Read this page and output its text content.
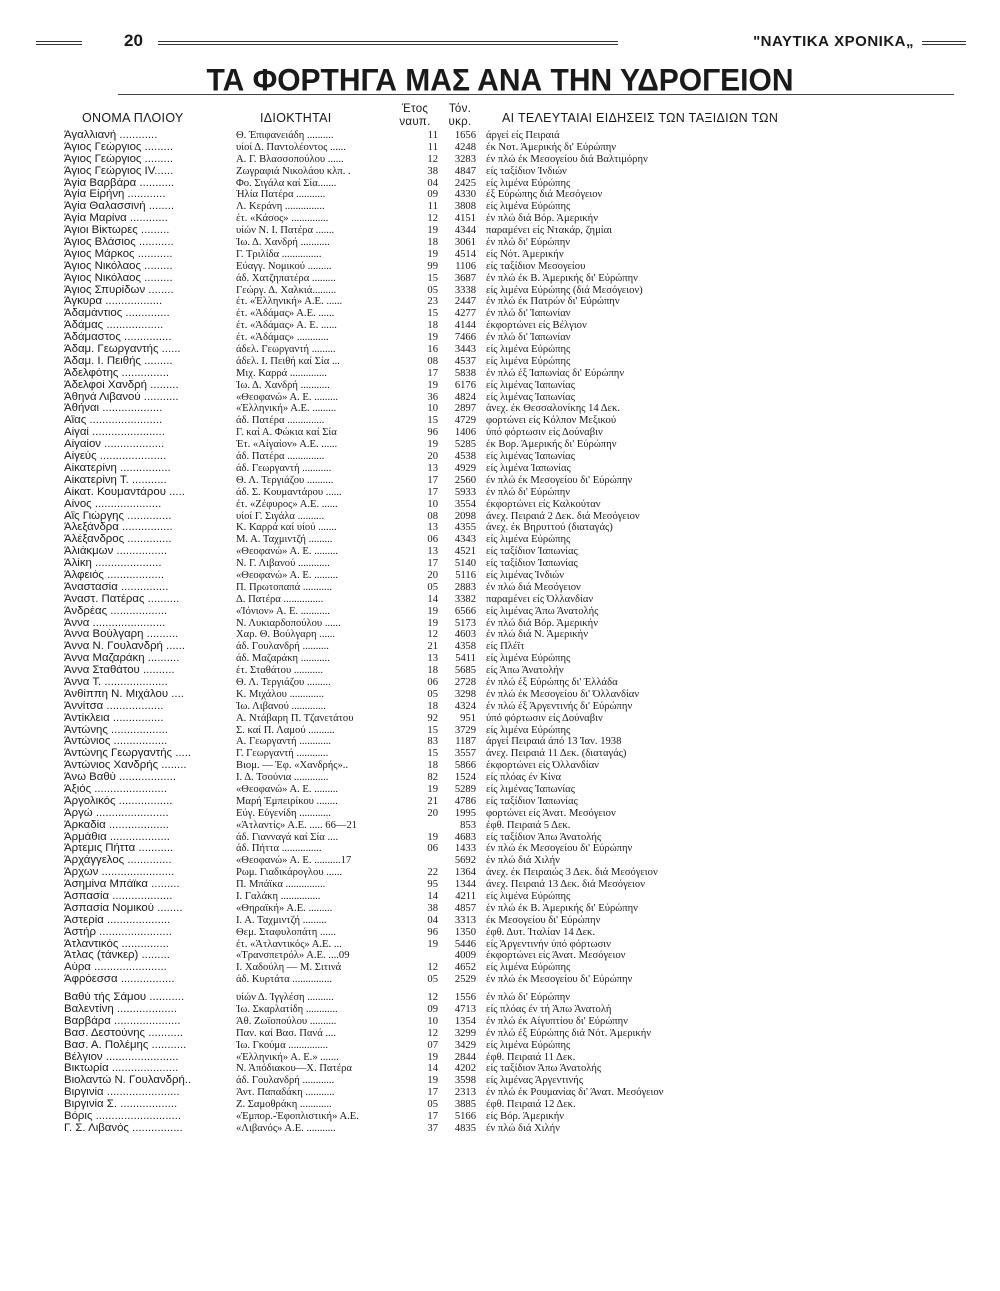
20	"ΝΑΥΤΙΚΑ ΧΡΟΝΙΚΑ„
ΤΑ ΦΟΡΤΗΓΑ ΜΑΣ ΑΝΑ ΤΗΝ ΥΔΡΟΓΕΙΟΝ
ΟΝΟΜΑ ΠΛΟΙΟΥ	ΙΔΙΟΚΤΗΤΑΙ
Έτος
ναυπ.
Τόν.
υκρ.	ΑΙ ΤΕΛΕΥΤΑΙΑΙ ΕΙΔΗΣΕΙΣ ΤΩΝ ΤΑΞΙΔΙΩΝ ΤΩΝ
Άγαλλιανή ............	Θ. Έπιφανειάδη ..........	11	1656 άργεί είς Πειραιά
Άγιος Γεώργιος .........	υίοί Δ. Παντολέοντος ......	11	4248 έκ Νοτ. Άμερικής δι' Εύρώπην
Άγιος Γεώργιος .........	Α. Γ. Βλασσοπούλου ......	12	3283 έν πλώ έκ Μεσογείου διά Βαλτιμόρην
Άγιος Γεώργιος IV......	Ζωγραφιά Νικολάου κλπ. .	38	4847 είς ταξίδιον Ίνδιών
Άγία Βαρβάρα ...........	Φο. Σιγάλα καί Σία.......	04	2425 είς λιμένα Εύρώπης
Άγία Είρήνη ............	Ήλία Πατέρα ...........	09	4330 έξ Εύρώπης διά Μεσόγειον
Άγία Θαλασσινή ........	Λ. Κεράνη ...............	11	3808 είς λιμένα Εύρώπης
Άγία Μαρίνα ............	έτ. «Κάσος» ..............	12	4151 έν πλώ διά Βόρ. Άμερικήν
Άγιοι Βίκτωρες .........	υίών Ν. Ι. Πατέρα .......	19	4344 παραμένει είς Ντακάρ, ζημίαι
Άγιος Βλάσιος ...........	Ίω. Δ. Χανδρή ...........	18	3061 έν πλώ δι' Εύρώπην
Άγιος Μάρκος ...........	Γ. Τριλίδα ...............	19	4514 είς Νότ. Άμερικήν
Άγιος Νικόλαος .........	Εύαγγ. Νομικού .........	99	1106 είς ταξίδιον Μεσογείου
Άγιος Νικόλαος .........	άδ. Χατζηπατέρα .........	15	3687 έν πλώ έκ Β. Άμερικής δι' Εύρώπην
Άγιος Σπυρίδων ........	Γεώργ. Δ. Χαλκιά.........	05	3338 είς λιμένα Εύρώπης (διά Μεσόγειον)
Άγκυρα ..................	έτ. «Έλληνική» Α.Ε. ......	23	2447 έν πλώ έκ Πατρών δι' Εύρώπην
Άδαμάντιος ..............	έτ. «Άδάμας» Α.Ε. ......	15	4277 έν πλώ δι' Ίαπωνίαν
Άδάμας ..................	έτ. «Άδάμας» Α. Ε. ......	18	4144 έκφορτώνει είς Βέλγιον
Άδάμαστος ...............	έτ. «Άδάμας» ............	19	7466 έν πλώ δι' Ίαπωνίαν
Άδαμ. Γεωργαντής ......	άδελ. Γεωργαντή .........	16	3443 είς λιμένα Εύρώπης
Άδαμ. Ι. Πειθής .........	άδελ. Ι. Πειθή καί Σία ...	08	4537 είς λιμένα Εύρώπης
Άδελφότης ...............	Μιχ. Καρρά ..............	17	5838 έν πλώ έξ Ίαπωνίας δι' Εύρώπην
Άδελφοί Χανδρή .........	Ίω. Δ. Χανδρή ...........	19	6176 είς λιμένας Ίαπωνίας
Άθηνά Λιβανού ...........	«Θεοφανώ» Α. Ε. .........	36	4824 είς λιμένας Ίαπωνίας
Άθήναι ...................	«Έλληνική» Α.Ε. .........	10	2897 άνεχ. έκ Θεσσαλονίκης 14 Δεκ.
Αΐας .......................	άδ. Πατέρα ..............	15	4729 φορτώνει είς Κόλπον Μεξικού
Αίγαί .......................	Γ. καί Α. Φώκια καί Σία	96	1406 ύπό φόρτωσιν είς Δούναβιν
Αίγαίον ...................	Έτ. «Αίγαίον» Α.Ε. ......	19	5285 έκ Βορ. Άμερικής δι' Εύρώπην
Αίγεύς .....................	άδ. Πατέρα ..............	20	4538 είς λιμένας Ίαπωνίας
Αίκατερίνη ................	άδ. Γεωργαντή ...........	13	4929 είς λιμένα Ίαπωνίας
Αίκατερίνη Τ. ...........	Θ. Λ. Τεργιάζου ..........	17	2560 έν πλώ έκ Μεσογείου δι' Εύρώπην
Αίκατ. Κουμαντάρου .....	άδ. Σ. Κουμαντάρου ......	17	5933 έν πλώ δι' Εύρώπην
Αίνος .....................	έτ. «Ζέφυρος» Α.Ε. ......	10	3554 έκφορτώνει είς Καλκούταν
Αΐς Γιώργης ..............	υίοί Γ. Σιγάλα ..........	08	2098 άνεχ. Πειραιά 2 Δεκ. διά Μεσόγειον
Άλεξάνδρα ................	Κ. Καρρά καί υίού .......	13	4355 άνεχ. έκ Βηρυττού (διαταγάς)
Άλέξανδρος ..............	Μ. Α. Ταχμιντζή .........	06	4343 είς λιμένα Εύρώπης
Άλιάκμων ................	«Θεοφανώ» Α. Ε. .........	13	4521 είς ταξίδιον Ίαπωνίας
Άλίκη .....................	Ν. Γ. Λιβανού ............	17	5140 είς ταξίδιον Ίαπωνίας
Άλφειός ..................	«Θεοφανώ» Α. Ε. .........	20	5116 είς λιμένας Ίνδιών
Άναστασία ...............	Π. Πρωτοπαπά ...........	05	2883 έν πλώ διά Μεσόγειον
Άναστ. Πατέρας ..........	Δ. Πατέρα ...............	14	3382 παραμένει είς Όλλανδίαν
Άνδρέας ..................	«Ίόνιον» Α. Ε. ...........	19	6566 είς λιμένας Άπω Άνατολής
Άννα .......................	Ν. Λυκιαρδοπούλου ......	19	5173 έν πλώ διά Βόρ. Άμερικήν
Άννα Βούλγαρη ..........	Χαρ. Θ. Βούλγαρη ......	12	4603 έν πλώ διά Ν. Άμερικήν
Άννα Ν. Γουλανδρή ......	άδ. Γουλανδρή ..........	21	4358 είς Πλέϊτ
Άννα Μαζαράκη ..........	άδ. Μαζαράκη ...........	13	5411 είς λιμένα Εύρώπης
Άννα Σταθάτου ..........	έτ. Σταθάτου ...........	18	5685 είς Άπω Άνατολήν
Άννα Τ. ....................	Θ. Λ. Τεργιάζου .........	06	2728 έν πλώ έξ Εύρώπης δι' Έλλάδα
Άνθίππη Ν. Μιχάλου ....	Κ. Μιχάλου .............	05	3298 έν πλώ έκ Μεσογείου δι' Όλλανδίαν
Άννίτσα ..................	Ίω. Λιβανού .............	18	4324 έν πλώ έξ Άργεντινής δι' Εύρώπην
Άντίκλεια ................	Α. Ντάβαρη Π. Τζανετάτου	92	951 ύπό φόρτωσιν είς Δούναβιν
Άντώνης ..................	Σ. καί Π. Λαμού ..........	15	3729 είς λιμένα Εύρώπης
Άντώνιος .................	Α. Γεωργαντή ............	83	1187 άργεί Πειραιά άπό 13 Ίαν. 1938
Άντώνης Γεωργαντής .....	Γ. Γεωργαντή ............	15	3557 άνεχ. Πειραιά 11 Δεκ. (διαταγάς)
Άντώνιος Χανδρής ........	Βιομ. — Έφ. «Χανδρής»..	18	5866 έκφορτώνει είς Όλλανδίαν
Άνω Βαθύ ..................	Ι. Δ. Τσούνια .............	82	1524 είς πλόας έν Κίνα
Άξιός .......................	«Θεοφανώ» Α. Ε. .........	19	5289 είς λιμένας Ίαπωνίας
Άργολικός .................	Μαρή Έμπειρίκου ........	21	4786 είς ταξίδιον Ίαπωνίας
Άργώ .......................	Εύγ. Εύγενίδη ............	20	1995 φορτώνει είς Άνατ. Μεσόγειον
Άρκαδία ...................	«Άτλαντίς» Α.Ε. ..... 66—21	853 έφθ. Πειραιά 5 Δεκ.
Άρμάθια ...................	άδ. Γιανναγά καί Σία ....	19	4683 είς ταξίδιον Άπω Άνατολής
Άρτεμις Πήττα ...........	άδ. Πήττα ...............	06	1433 έν πλώ έκ Μεσογείου δι' Εύρώπην
Άρχάγγελος ..............	«Θεοφανώ» Α. Ε. ..........17	5692 έν πλώ διά Χιλήν
Άρχων .......................	Ρωμ. Γιαδικάρογλου ......	22	1364 άνεχ. έκ Πειραιώς 3 Δεκ. διά Μεσόγειον
Άσημίνα Μπάϊκα .........	Π. Μπάϊκα ...............	95	1344 άνεχ. Πειραιά 13 Δεκ. διά Μεσόγειον
Άσπασία ...................	Ι. Γαλάκη ...............	14	4211 είς λιμένα Εύρώπης
Άσπασία Νομικού ........	«Θηραϊκή» Α.Ε. .........	38	4857 έν πλώ έκ Β. Άμερικής δι' Εύρώπην
Άστερία ....................	Ι. Α. Ταχμιντζή .........	04	3313 έκ Μεσογείου δι' Εύρώπην
Άστήρ .......................	Θεμ. Σταφυλοπάτη ......	96	1350 έφθ. Δυτ. Ίταλίαν 14 Δεκ.
Άτλαντικός ...............	έτ. «Άτλαντικός» Α.Ε. ...	19	5446 είς Άργεντινήν ύπό φόρτωσιν
Άτλας (τάνκερ) .........	«Τρανσπετρόλ» Α.Ε. ....09	4009 έκφορτώνει είς Άνατ. Μεσόγειον
Αύρα .......................	Ι. Χαδούλη — Μ. Σιτινά	12	4652 είς λιμένα Εύρώπης
Άφρόεσσα .................	άδ. Κυρτάτα ...............	05	2529 έν πλώ έκ Μεσογείου δι' Εύρώπην
Βαθύ τής Σάμου ...........	υίών Δ. Ίγγλέση ..........	12	1556 έν πλώ δι' Εύρώπην
Βαλεντίνη ...................	Ίω. Σκαρλατίδη ............	09	4713 είς πλόας έν τή Άπω Άνατολή
Βαρβάρα .....................	Άθ. Ζωϊοπούλου ..........	10	1354 έν πλώ έκ Αίγυπτίου δι' Εύρώπην
Βασ. Δεστούνης ...........	Παν. καί Βασ. Πανά ....	12	3299 έν πλώ έξ Εύρώπης διά Νότ. Άμερικήν
Βασ. Α. Πολέμης ...........	Ίω. Γκούμα ...............	07	3429 είς λιμένα Εύρώπης
Βέλγιον .......................	«Έλληνική» Α. Ε.» .......	19	2844 έφθ. Πειραιά 11 Δεκ.
Βικτωρία .....................	Ν. Άπόδιακου—Χ. Πατέρα	14	4202 είς ταξίδιον Άπω Άνατολής
Βιολαντώ Ν. Γουλανδρή..	άδ. Γουλανδρή ............	19	3598 είς λιμένας Άργεντινής
Βιργινία .......................	Άντ. Παπαδάκη ...........	17	2313 έν πλώ έκ Ρουμανίας δι' Άνατ. Μεσόγειον
Βιργινία Σ. ..................	Ζ. Σαμοθράκη ............	05	3885 έφθ. Πειραιά 12 Δεκ.
Βόρις ...........................	«Έμπορ.-Έφοπλιστική» Α.Ε.	17	5166 είς Βόρ. Άμερικήν
Γ. Σ. Λιβανός ................	«Λιβανός» Α.Ε. ...........	37	4835 έν πλώ διά Χιλήν
